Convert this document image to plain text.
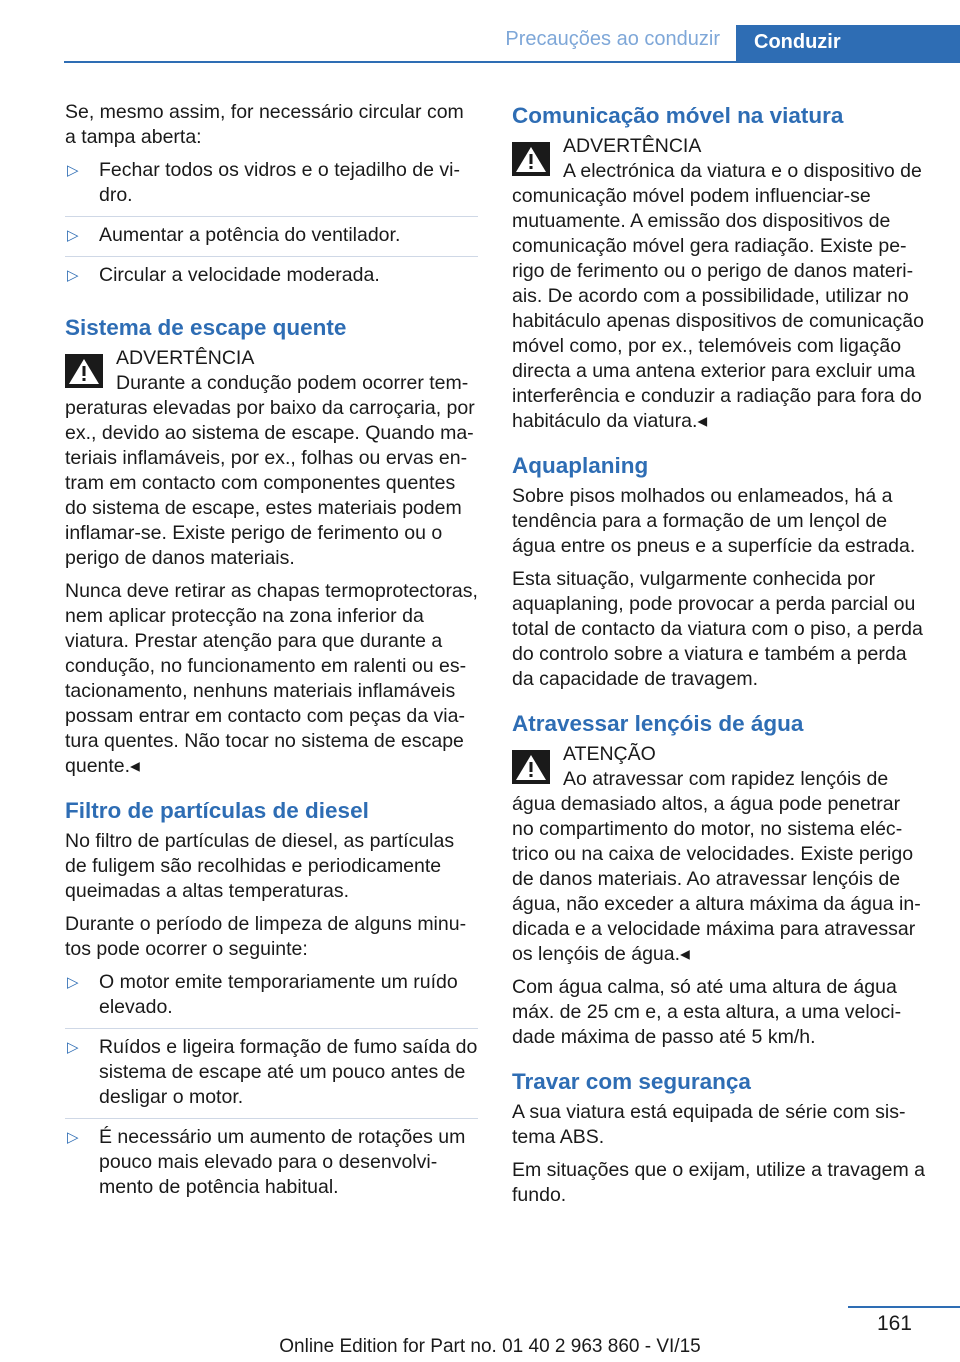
Precauções ao conduzir	Conduzir

Se, mesmo assim, for necessário circular com a tampa aberta:

▷ Fechar todos os vidros e o tejadilho de vidro.
▷ Aumentar a potência do ventilador.
▷ Circular a velocidade moderada.
Sistema de escape quente
ADVERTÊNCIA
Durante a condução podem ocorrer temperaturas elevadas por baixo da carroçaria, por ex., devido ao sistema de escape. Quando materiais inflamáveis, por ex., folhas ou ervas entram em contacto com componentes quentes do sistema de escape, estes materiais podem inflamar-se. Existe perigo de ferimento ou o perigo de danos materiais.

Nunca deve retirar as chapas termoprotectoras, nem aplicar protecção na zona inferior da viatura. Prestar atenção para que durante a condução, no funcionamento em ralenti ou estacionamento, nenhuns materiais inflamáveis possam entrar em contacto com peças da viatura quentes. Não tocar no sistema de escape quente.◂

Filtro de partículas de diesel

No filtro de partículas de diesel, as partículas de fuligem são recolhidas e periodicamente queimadas a altas temperaturas.

Durante o período de limpeza de alguns minutos pode ocorrer o seguinte:

▷ O motor emite temporariamente um ruído elevado.
▷ Ruídos e ligeira formação de fumo saída do sistema de escape até um pouco antes de desligar o motor.
▷ É necessário um aumento de rotações um pouco mais elevado para o desenvolvimento de potência habitual.
Comunicação móvel na viatura
ADVERTÊNCIA
A electrónica da viatura e o dispositivo de comunicação móvel podem influenciar-se mutuamente. A emissão dos dispositivos de comunicação móvel gera radiação. Existe perigo de ferimento ou o perigo de danos materiais. De acordo com a possibilidade, utilizar no habitáculo apenas dispositivos de comunicação móvel como, por ex., telemóveis com ligação directa a uma antena exterior para excluir uma interferência e conduzir a radiação para fora do habitáculo da viatura.◂
Aquaplaning

Sobre pisos molhados ou enlameados, há a tendência para a formação de um lençol de água entre os pneus e a superfície da estrada.

Esta situação, vulgarmente conhecida por aquaplaning, pode provocar a perda parcial ou total de contacto da viatura com o piso, a perda do controlo sobre a viatura e também a perda da capacidade de travagem.

Atravessar lençóis de água
ATENÇÃO
Ao atravessar com rapidez lençóis de água demasiado altos, a água pode penetrar no compartimento do motor, no sistema eléctrico ou na caixa de velocidades. Existe perigo de danos materiais. Ao atravessar lençóis de água, não exceder a altura máxima da água indicada e a velocidade máxima para atravessar os lençóis de água.◂

Com água calma, só até uma altura de água máx. de 25 cm e, a esta altura, a uma velocidade máxima de passo até 5 km/h.

Travar com segurança

A sua viatura está equipada de série com sistema ABS.

Em situações que o exijam, utilize a travagem a fundo.

161
Online Edition for Part no. 01 40 2 963 860 - VI/15
